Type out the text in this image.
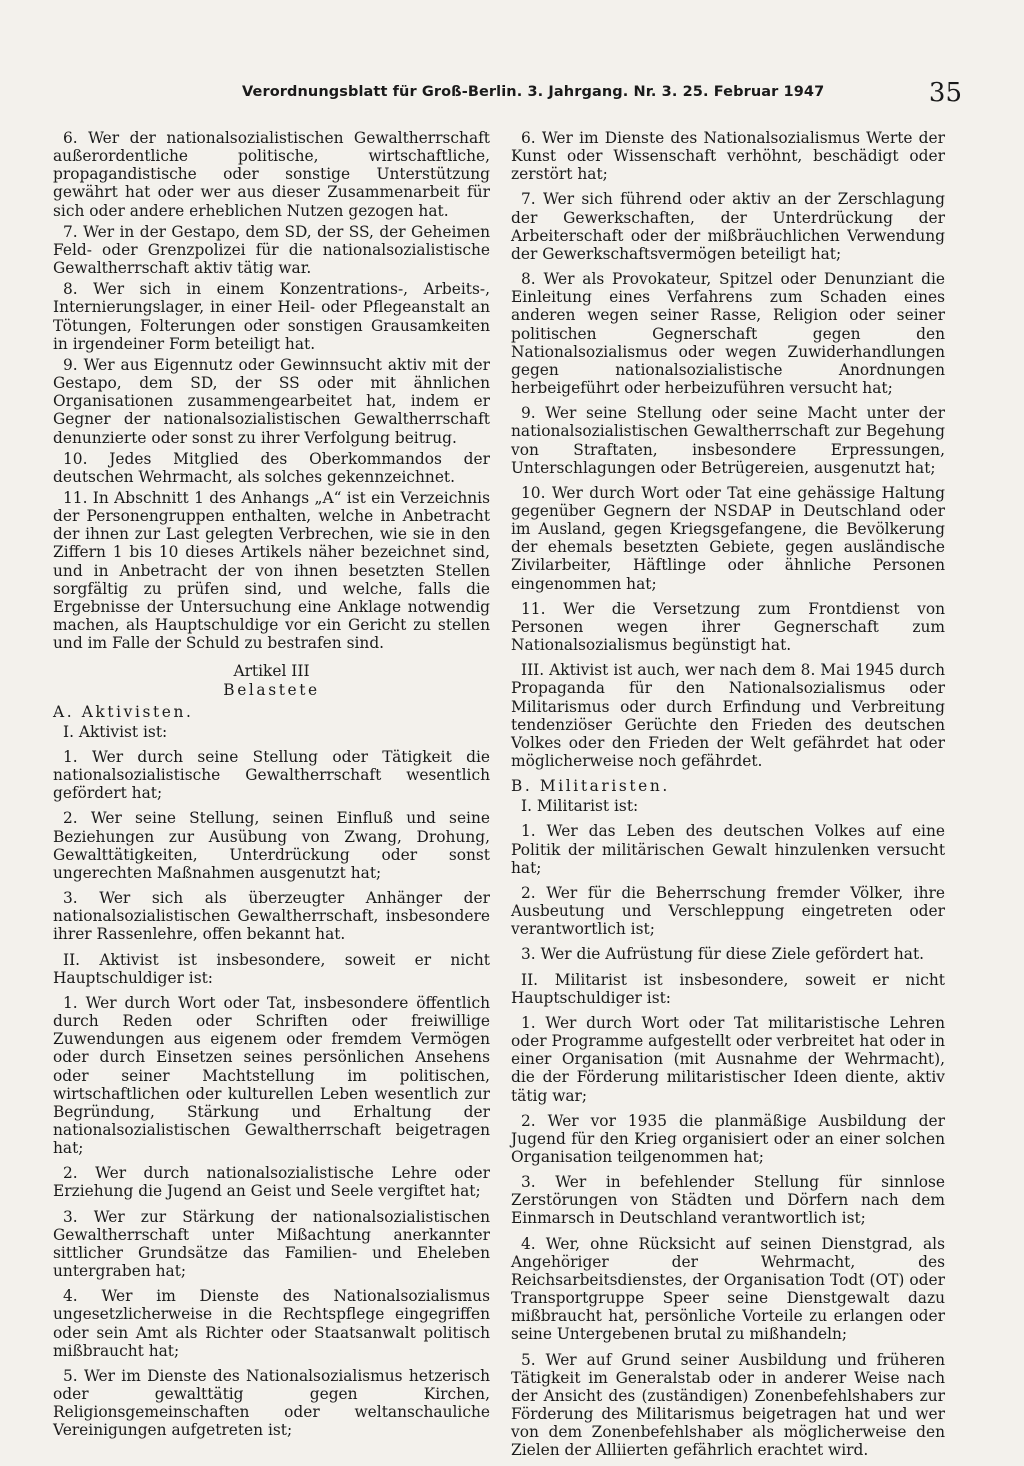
Verordnungsblatt für Groß-Berlin. 3. Jahrgang. Nr. 3. 25. Februar 1947	35

6. Wer der nationalsozialistischen Gewaltherrschaft außerordentliche politische, wirtschaftliche, propagandistische oder sonstige Unterstützung gewährt hat oder wer aus dieser Zusammenarbeit für sich oder andere erheblichen Nutzen gezogen hat.

7. Wer in der Gestapo, dem SD, der SS, der Geheimen Feld- oder Grenzpolizei für die nationalsozialistische Gewaltherrschaft aktiv tätig war.

8. Wer sich in einem Konzentrations-, Arbeits-, Internierungslager, in einer Heil- oder Pflegeanstalt an Tötungen, Folterungen oder sonstigen Grausamkeiten in irgendeiner Form beteiligt hat.

9. Wer aus Eigennutz oder Gewinnsucht aktiv mit der Gestapo, dem SD, der SS oder mit ähnlichen Organisationen zusammengearbeitet hat, indem er Gegner der nationalsozialistischen Gewaltherrschaft denunzierte oder sonst zu ihrer Verfolgung beitrug.

10. Jedes Mitglied des Oberkommandos der deutschen Wehrmacht, als solches gekennzeichnet.

11. In Abschnitt 1 des Anhangs „A“ ist ein Verzeichnis der Personengruppen enthalten, welche in Anbetracht der ihnen zur Last gelegten Verbrechen, wie sie in den Ziffern 1 bis 10 dieses Artikels näher bezeichnet sind, und in Anbetracht der von ihnen besetzten Stellen sorgfältig zu prüfen sind, und welche, falls die Ergebnisse der Untersuchung eine Anklage notwendig machen, als Hauptschuldige vor ein Gericht zu stellen und im Falle der Schuld zu bestrafen sind.

Artikel III

Belastete

A. Aktivisten.

I. Aktivist ist:

1. Wer durch seine Stellung oder Tätigkeit die nationalsozialistische Gewaltherrschaft wesentlich gefördert hat;

2. Wer seine Stellung, seinen Einfluß und seine Beziehungen zur Ausübung von Zwang, Drohung, Gewalttätigkeiten, Unterdrückung oder sonst ungerechten Maßnahmen ausgenutzt hat;

3. Wer sich als überzeugter Anhänger der nationalsozialistischen Gewaltherrschaft, insbesondere ihrer Rassenlehre, offen bekannt hat.

II. Aktivist ist insbesondere, soweit er nicht Hauptschuldiger ist:

1. Wer durch Wort oder Tat, insbesondere öffentlich durch Reden oder Schriften oder freiwillige Zuwendungen aus eigenem oder fremdem Vermögen oder durch Einsetzen seines persönlichen Ansehens oder seiner Machtstellung im politischen, wirtschaftlichen oder kulturellen Leben wesentlich zur Begründung, Stärkung und Erhaltung der nationalsozialistischen Gewaltherrschaft beigetragen hat;

2. Wer durch nationalsozialistische Lehre oder Erziehung die Jugend an Geist und Seele vergiftet hat;

3. Wer zur Stärkung der nationalsozialistischen Gewaltherrschaft unter Mißachtung anerkannter sittlicher Grundsätze das Familien- und Eheleben untergraben hat;

4. Wer im Dienste des Nationalsozialismus ungesetzlicherweise in die Rechtspflege eingegriffen oder sein Amt als Richter oder Staatsanwalt politisch mißbraucht hat;

5. Wer im Dienste des Nationalsozialismus hetzerisch oder gewalttätig gegen Kirchen, Religionsgemeinschaften oder weltanschauliche Vereinigungen aufgetreten ist;

6. Wer im Dienste des Nationalsozialismus Werte der Kunst oder Wissenschaft verhöhnt, beschädigt oder zerstört hat;

7. Wer sich führend oder aktiv an der Zerschlagung der Gewerkschaften, der Unterdrückung der Arbeiterschaft oder der mißbräuchlichen Verwendung der Gewerkschaftsvermögen beteiligt hat;

8. Wer als Provokateur, Spitzel oder Denunziant die Einleitung eines Verfahrens zum Schaden eines anderen wegen seiner Rasse, Religion oder seiner politischen Gegnerschaft gegen den Nationalsozialismus oder wegen Zuwiderhandlungen gegen nationalsozialistische Anordnungen herbeigeführt oder herbeizuführen versucht hat;

9. Wer seine Stellung oder seine Macht unter der nationalsozialistischen Gewaltherrschaft zur Begehung von Straftaten, insbesondere Erpressungen, Unterschlagungen oder Betrügereien, ausgenutzt hat;

10. Wer durch Wort oder Tat eine gehässige Haltung gegenüber Gegnern der NSDAP in Deutschland oder im Ausland, gegen Kriegsgefangene, die Bevölkerung der ehemals besetzten Gebiete, gegen ausländische Zivilarbeiter, Häftlinge oder ähnliche Personen eingenommen hat;

11. Wer die Versetzung zum Frontdienst von Personen wegen ihrer Gegnerschaft zum Nationalsozialismus begünstigt hat.

III. Aktivist ist auch, wer nach dem 8. Mai 1945 durch Propaganda für den Nationalsozialismus oder Militarismus oder durch Erfindung und Verbreitung tendenziöser Gerüchte den Frieden des deutschen Volkes oder den Frieden der Welt gefährdet hat oder möglicherweise noch gefährdet.

B. Militaristen.

I. Militarist ist:

1. Wer das Leben des deutschen Volkes auf eine Politik der militärischen Gewalt hinzulenken versucht hat;

2. Wer für die Beherrschung fremder Völker, ihre Ausbeutung und Verschleppung eingetreten oder verantwortlich ist;

3. Wer die Aufrüstung für diese Ziele gefördert hat.

II. Militarist ist insbesondere, soweit er nicht Hauptschuldiger ist:

1. Wer durch Wort oder Tat militaristische Lehren oder Programme aufgestellt oder verbreitet hat oder in einer Organisation (mit Ausnahme der Wehrmacht), die der Förderung militaristischer Ideen diente, aktiv tätig war;

2. Wer vor 1935 die planmäßige Ausbildung der Jugend für den Krieg organisiert oder an einer solchen Organisation teilgenommen hat;

3. Wer in befehlender Stellung für sinnlose Zerstörungen von Städten und Dörfern nach dem Einmarsch in Deutschland verantwortlich ist;

4. Wer, ohne Rücksicht auf seinen Dienstgrad, als Angehöriger der Wehrmacht, des Reichsarbeitsdienstes, der Organisation Todt (OT) oder Transportgruppe Speer seine Dienstgewalt dazu mißbraucht hat, persönliche Vorteile zu erlangen oder seine Untergebenen brutal zu mißhandeln;

5. Wer auf Grund seiner Ausbildung und früheren Tätigkeit im Generalstab oder in anderer Weise nach der Ansicht des (zuständigen) Zonenbefehlshabers zur Förderung des Militarismus beigetragen hat und wer von dem Zonenbefehlshaber als möglicherweise den Zielen der Alliierten gefährlich erachtet wird.
